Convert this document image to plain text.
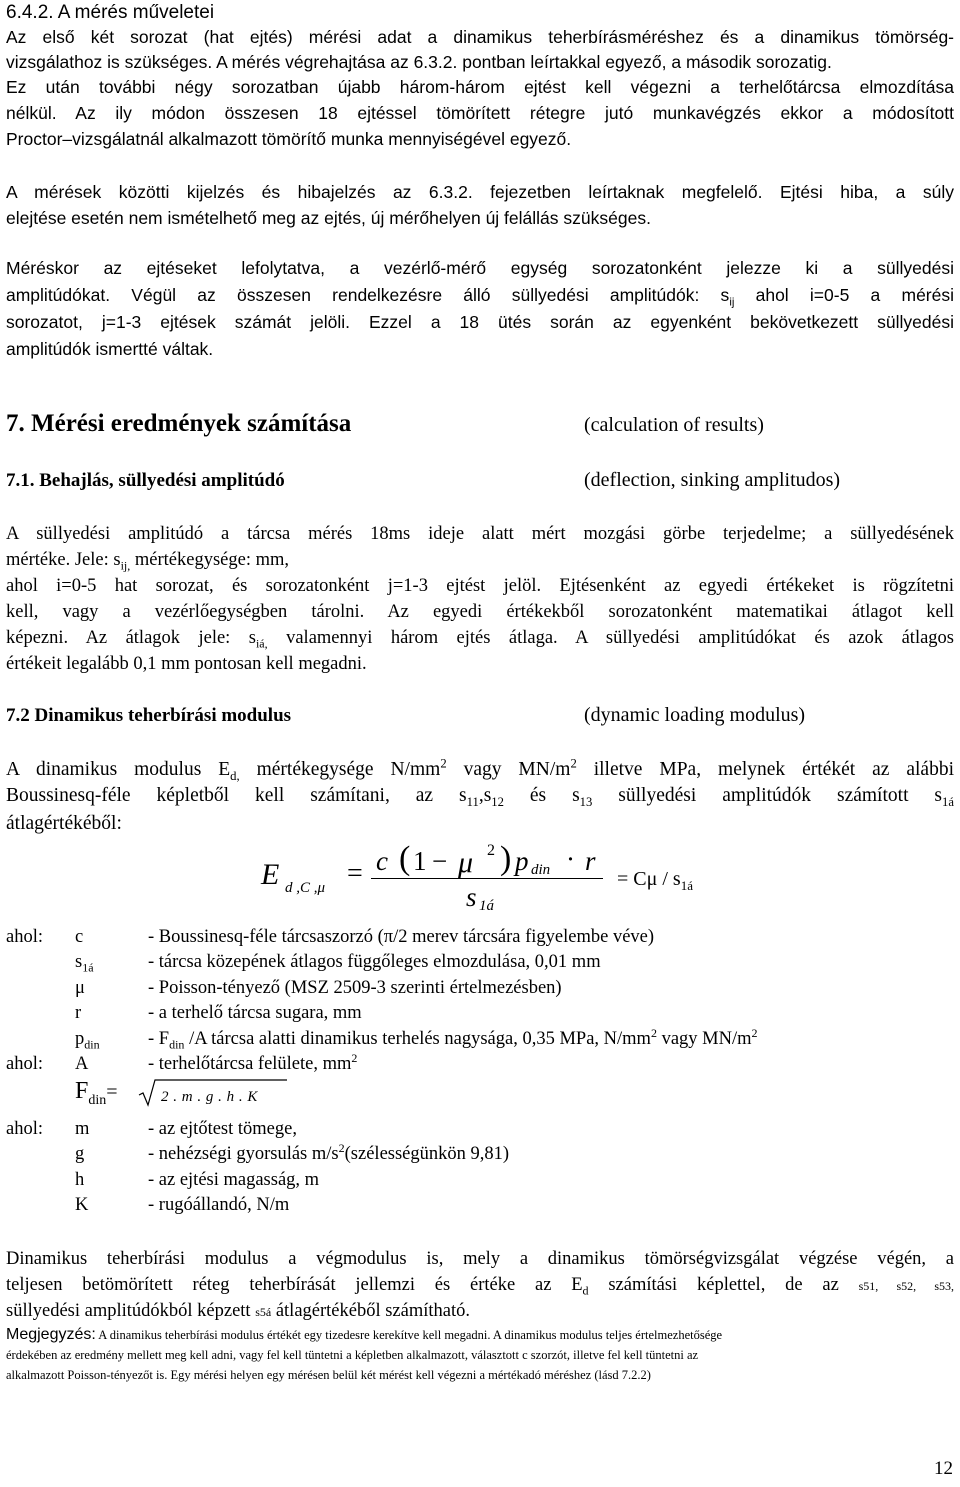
6.4.2. A mérés műveletei
Az első két sorozat (hat ejtés) mérési adat a dinamikus teherbírásméréshez és a dinamikus tömörség-
vizsgálathoz is szükséges. A mérés végrehajtása az 6.3.2. pontban leírtakkal egyező, a második sorozatig.
Ez után további négy sorozatban újabb három-három ejtést kell végezni a terhelőtárcsa elmozdítása
nélkül. Az ily módon összesen 18 ejtéssel tömörített rétegre jutó munkavégzés ekkor a módosított
Proctor–vizsgálatnál alkalmazott tömörítő munka mennyiségével egyező.
A mérések közötti kijelzés és hibajelzés az 6.3.2. fejezetben leírtaknak megfelelő. Ejtési hiba, a súly
elejtése esetén nem ismételhető meg az ejtés, új mérőhelyen új felállás szükséges.
Méréskor az ejtéseket lefolytatva, a vezérlő-mérő egység sorozatonként jelezze ki a süllyedési
amplitúdókat. Végül az összesen rendelkezésre álló süllyedési amplitúdók: $s_{ij}$ ahol i=0-5 a mérési
sorozatot, j=1-3 ejtések számát jelöli. Ezzel a 18 ütés során az egyenként bekövetkezett süllyedési
amplitúdók ismertté váltak.
7. Mérési eredmények számítása	(calculation of results)
7.1. Behajlás, süllyedési amplitúdó	(deflection, sinking amplitudos)
A süllyedési amplitúdó a tárcsa mérés 18ms ideje alatt mért mozgási görbe terjedelme; a süllyedésének
mértéke. Jele: $s_{ij,}$ mértékegysége: mm,
ahol i=0-5 hat sorozat, és sorozatonként j=1-3 ejtést jelöl. Ejtésenként az egyedi értékeket is rögzítetni
kell, vagy a vezérlőegységben tárolni. Az egyedi értékekből sorozatonként matematikai átlagot kell
képezni. Az átlagok jele: $s_{iá,}$ valamennyi három ejtés átlaga. A süllyedési amplitúdókat és azok átlagos
értékeit legalább 0,1 mm pontosan kell megadni.
7.2 Dinamikus teherbírási modulus	(dynamic loading modulus)
A dinamikus modulus $E_{d,}$ mértékegysége $N/mm^2$ vagy $MN/m^2$ illetve MPa, melynek értékét az alábbi
Boussinesq-féle képletből kell számítani, az $s_{11},s_{12}$ és $s_{13}$ süllyedési amplitúdók számított $s_{1á}$
átlagértékéből:
E d ,C ,μ = c ( 1 − μ 2 ) p din · r
s 1á
= Cμ / $s_{1á}$
ahol: c	- Boussinesq-féle tárcsaszorzó (π/2 merev tárcsára figyelembe véve)
$s_{1á}$	- tárcsa közepének átlagos függőleges elmozdulása, 0,01 mm
μ	- Poisson-tényező (MSZ 2509-3 szerinti értelmezésben)
r	- a terhelő tárcsa sugara, mm
$p_{din}$	- $F_{din}$ /A tárcsa alatti dinamikus terhelés nagysága, 0,35 MPa, $N/mm^2$ vagy $MN/m^2$
ahol: A	- terhelőtárcsa felülete, $mm^2$
$F_{din}=$	2 . m . g . h . K
ahol: m	- az ejtőtest tömege,
g	- nehézségi gyorsulás $m/s^2(szélességünkön$ 9,81)
h	- az ejtési magasság, m
K	- rugóállandó, N/m
Dinamikus teherbírási modulus a végmodulus is, mely a dinamikus tömörségvizsgálat végzése végén, a
teljesen betömörített réteg teherbírását jellemzi és értéke az $E_d$ számítási képlettel, de az s51, s52, s53,
süllyedési amplitúdókból képzett s5á átlagértékéből számítható.
Megjegyzés: A dinamikus teherbírási modulus értékét egy tizedesre kerekítve kell megadni. A dinamikus modulus teljes értelmezhetősége
érdekében az eredmény mellett meg kell adni, vagy fel kell tüntetni a képletben alkalmazott, választott c szorzót, illetve fel kell tüntetni az
alkalmazott Poisson-tényezőt is. Egy mérési helyen egy mérésen belül két mérést kell végezni a mértékadó méréshez (lásd 7.2.2)
12
